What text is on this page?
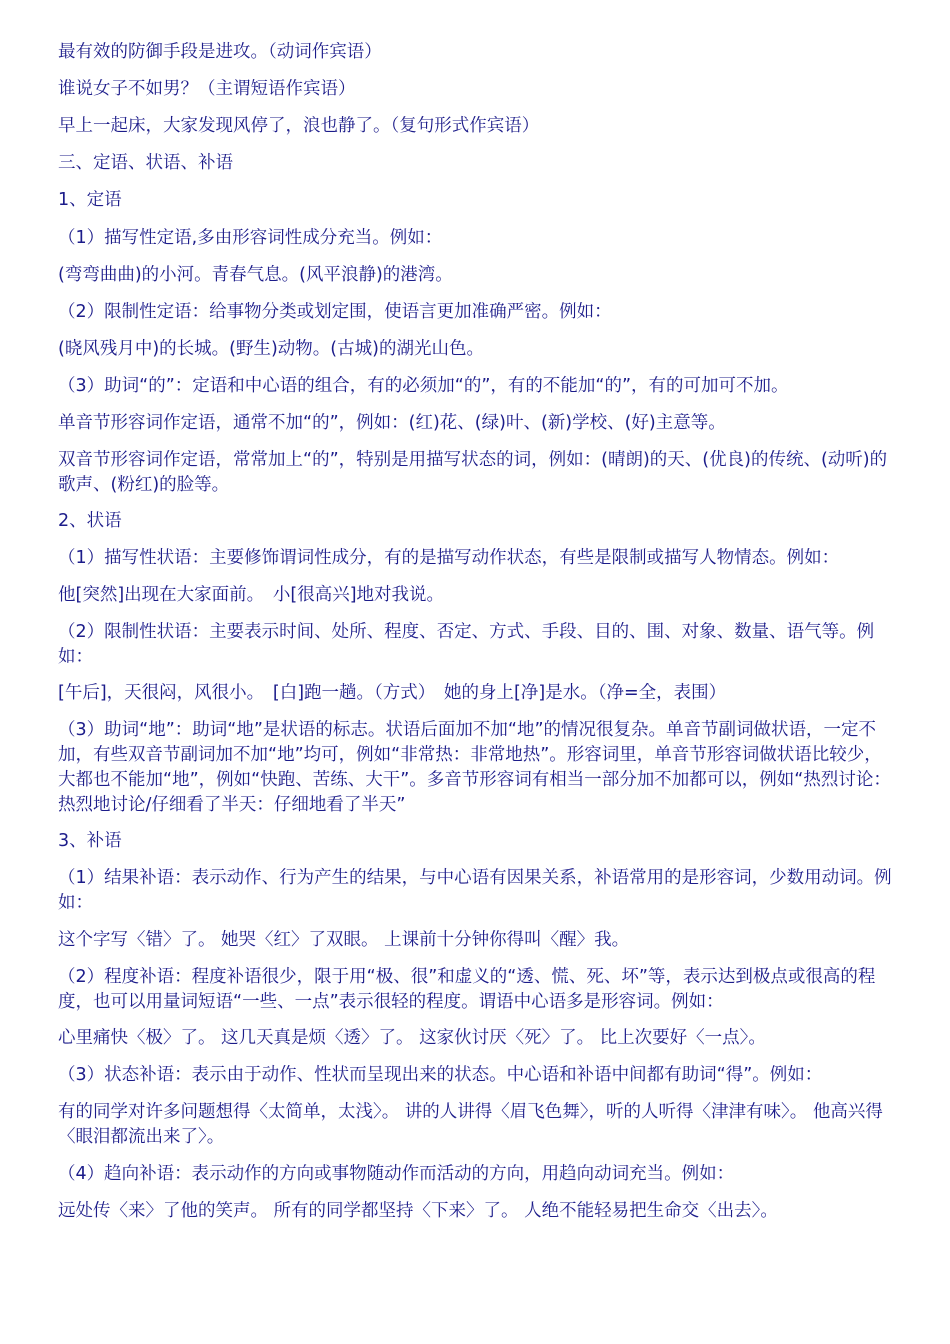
最有效的防御手段是进攻。（动词作宾语）
谁说女子不如男？（主谓短语作宾语）
早上一起床，大家发现风停了，浪也静了。（复句形式作宾语）
三、定语、状语、补语
1、定语
（1）描写性定语,多由形容词性成分充当。例如：
(弯弯曲曲)的小河。青春气息。(风平浪静)的港湾。
（2）限制性定语：给事物分类或划定围，使语言更加准确严密。例如：
(晓风残月中)的长城。(野生)动物。(古城)的湖光山色。
（3）助词“的”：定语和中心语的组合，有的必须加“的”，有的不能加“的”，有的可加可不加。
单音节形容词作定语，通常不加“的”，例如：(红)花、(绿)叶、(新)学校、(好)主意等。
双音节形容词作定语，常常加上“的”，特别是用描写状态的词，例如：(晴朗)的天、(优良)的传统、(动听)的歌声、(粉红)的脸等。
2、状语
（1）描写性状语：主要修饰谓词性成分，有的是描写动作状态，有些是限制或描写人物情态。例如：
他[突然]出现在大家面前。　小[很高兴]地对我说。
（2）限制性状语：主要表示时间、处所、程度、否定、方式、手段、目的、围、对象、数量、语气等。例如：
[午后]，天很闷，风很小。　[白]跑一趟。（方式）　她的身上[净]是水。（净=全，表围）
（3）助词“地”：助词“地”是状语的标志。状语后面加不加“地”的情况很复杂。单音节副词做状语，一定不加，有些双音节副词加不加“地”均可，例如“非常热：非常地热”。形容词里，单音节形容词做状语比较少，大都也不能加“地”，例如“快跑、苦练、大干”。多音节形容词有相当一部分加不加都可以，例如“热烈讨论：热烈地讨论/仔细看了半天：仔细地看了半天”
3、补语
（1）结果补语：表示动作、行为产生的结果，与中心语有因果关系，补语常用的是形容词，少数用动词。例如：
这个字写〈错〉了。 她哭〈红〉了双眼。 上课前十分钟你得叫〈醒〉我。
（2）程度补语：程度补语很少，限于用“极、很”和虚义的“透、慌、死、坏”等，表示达到极点或很高的程度，也可以用量词短语“一些、一点”表示很轻的程度。谓语中心语多是形容词。例如：
心里痛快〈极〉了。 这几天真是烦〈透〉了。 这家伙讨厌〈死〉了。 比上次要好〈一点〉。
（3）状态补语：表示由于动作、性状而呈现出来的状态。中心语和补语中间都有助词“得”。例如：
有的同学对许多问题想得〈太简单，太浅〉。 讲的人讲得〈眉飞色舞〉，听的人听得〈津津有味〉。 他高兴得〈眼泪都流出来了〉。
（4）趋向补语：表示动作的方向或事物随动作而活动的方向，用趋向动词充当。例如：
远处传〈来〉了他的笑声。 所有的同学都坚持〈下来〉了。 人绝不能轻易把生命交〈出去〉。
